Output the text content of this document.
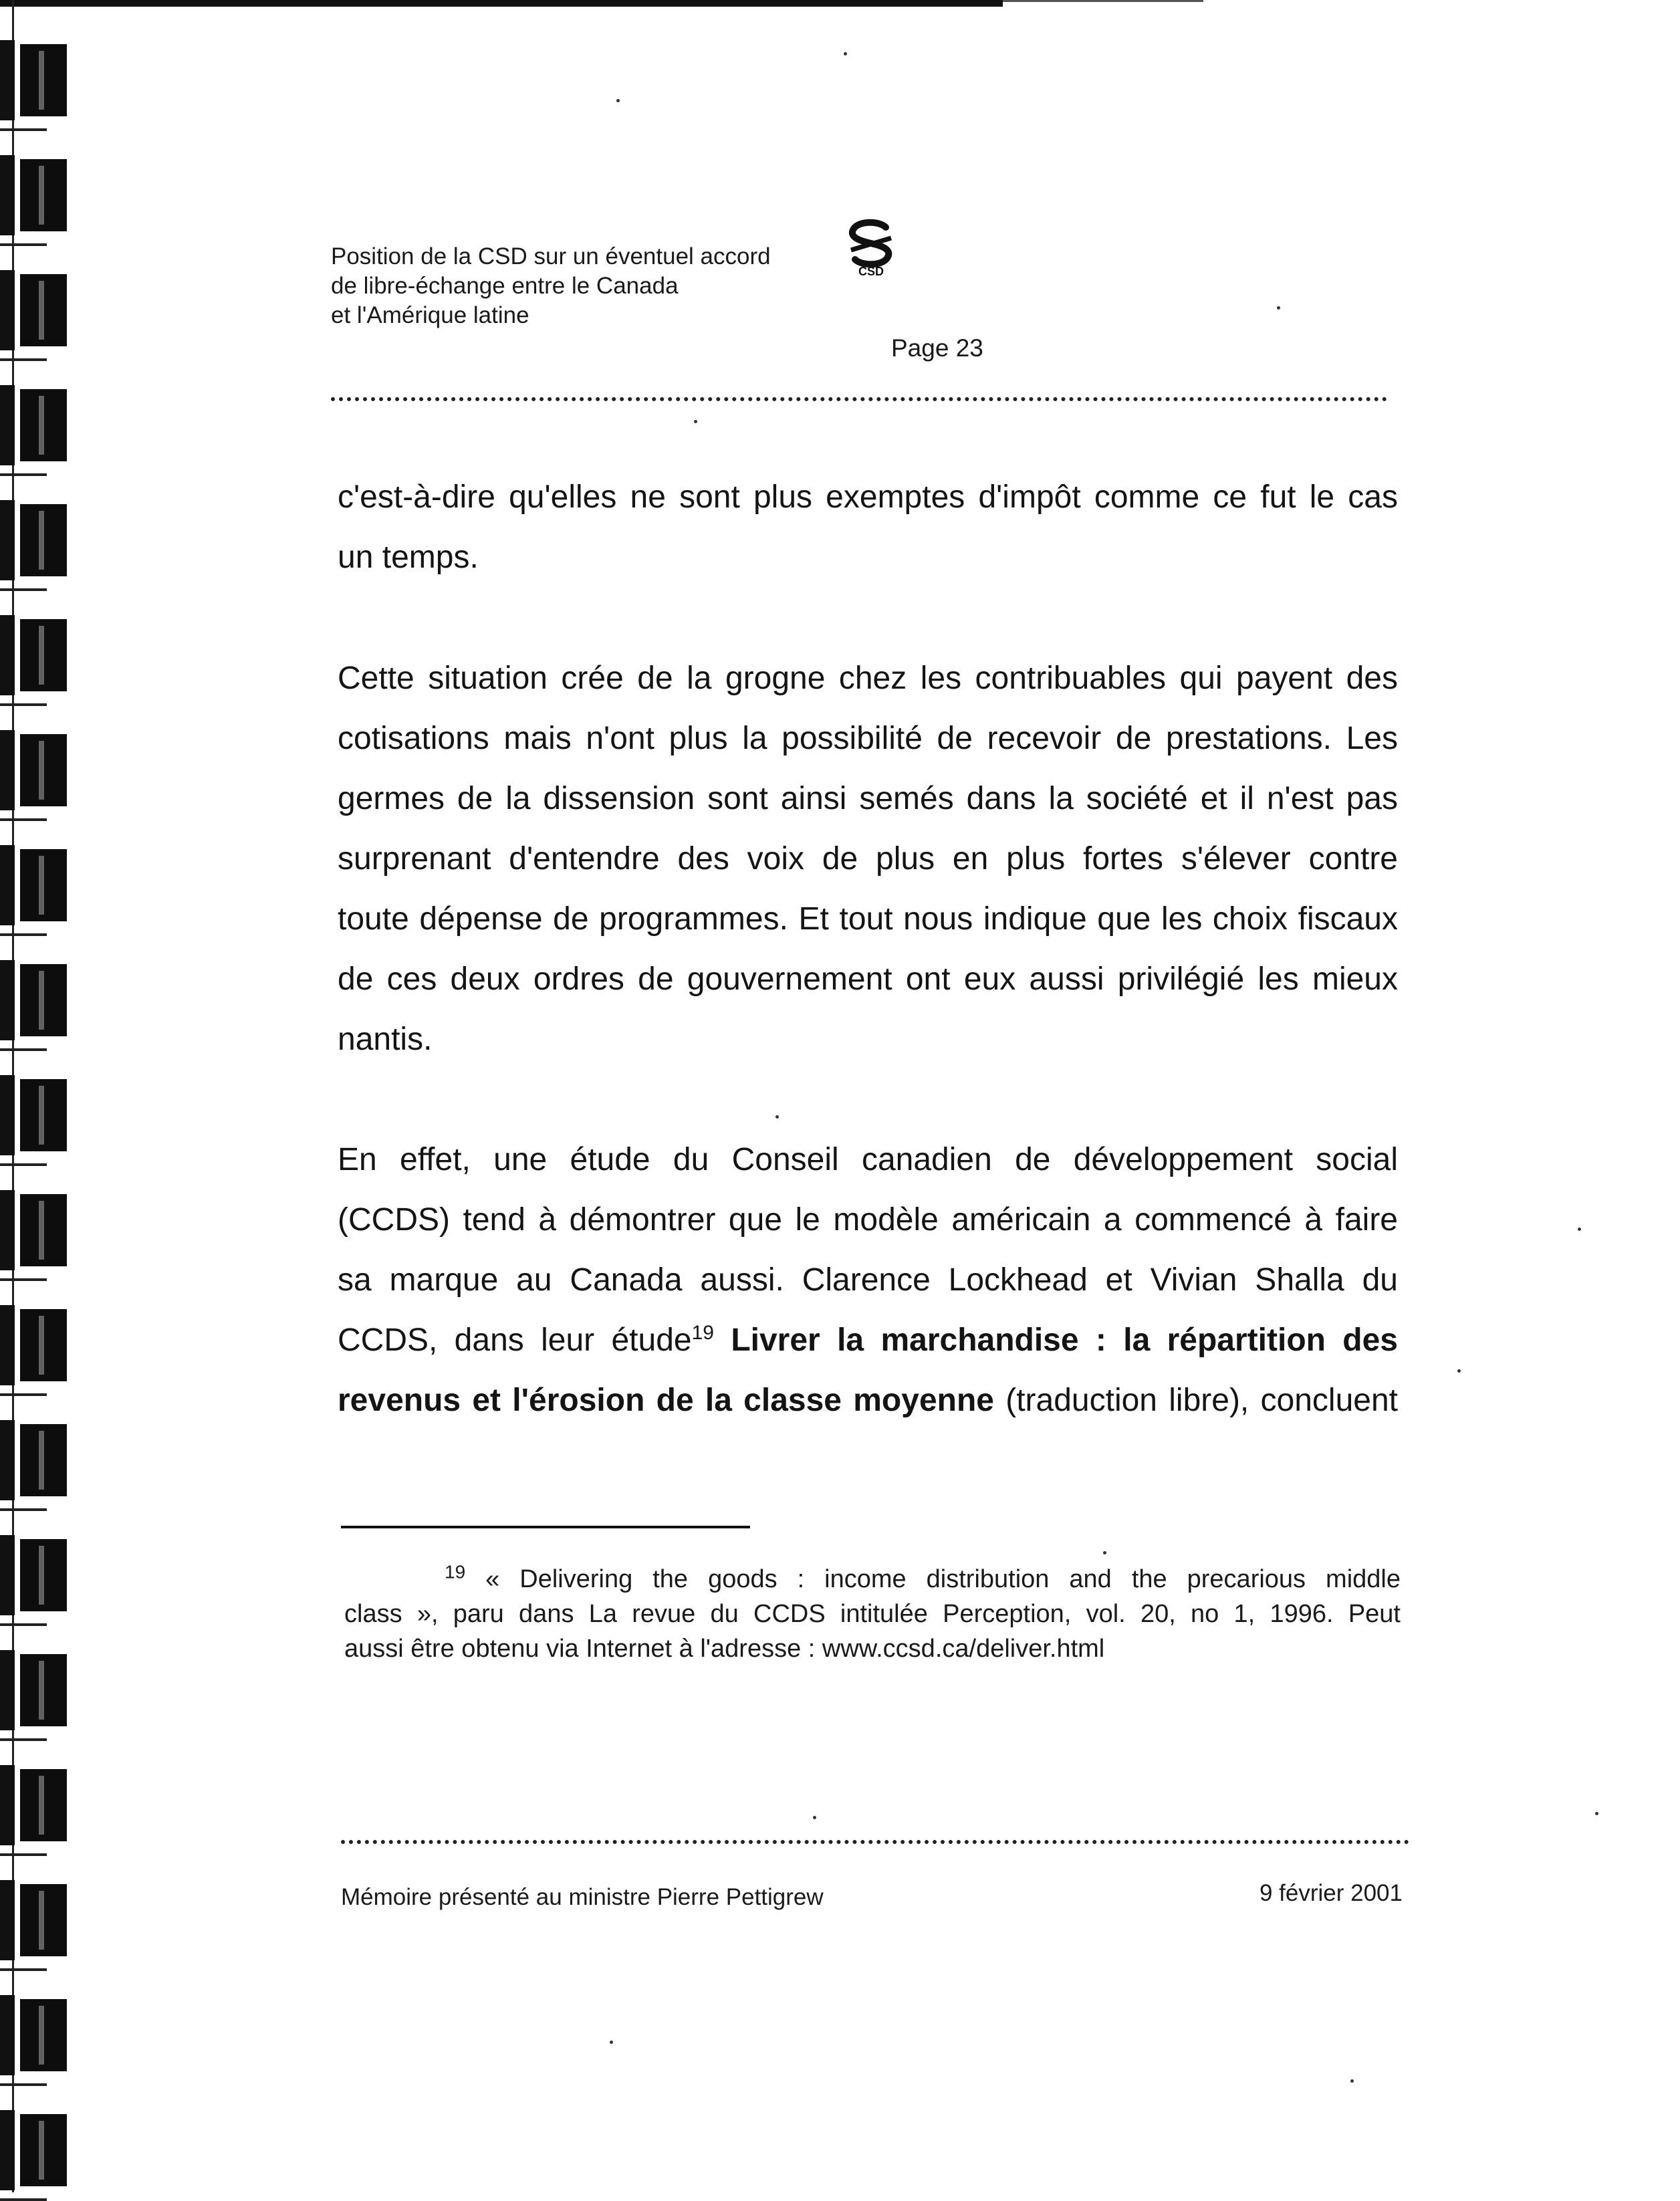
Position de la CSD sur un éventuel accord
de libre-échange entre le Canada
et l'Amérique latine
CSD
Page 23
c'est-à-dire qu'elles ne sont plus exemptes d'impôt comme ce fut le cas
un temps.
Cette situation crée de la grogne chez les contribuables qui payent des
cotisations mais n'ont plus la possibilité de recevoir de prestations. Les
germes de la dissension sont ainsi semés dans la société et il n'est pas
surprenant d'entendre des voix de plus en plus fortes s'élever contre
toute dépense de programmes. Et tout nous indique que les choix fiscaux
de ces deux ordres de gouvernement ont eux aussi privilégié les mieux
nantis.
En effet, une étude du Conseil canadien de développement social
(CCDS) tend à démontrer que le modèle américain a commencé à faire
sa marque au Canada aussi. Clarence Lockhead et Vivian Shalla du
CCDS, dans leur étude$^{19}$ Livrer la marchandise : la répartition des
revenus et l'érosion de la classe moyenne (traduction libre), concluent
$^{19}$ « Delivering the goods : income distribution and the precarious middle
class », paru dans La revue du CCDS intitulée Perception, vol. 20, no 1, 1996. Peut
aussi être obtenu via Internet à l'adresse : www.ccsd.ca/deliver.html
Mémoire présenté au ministre Pierre Pettigrew	9 février 2001
